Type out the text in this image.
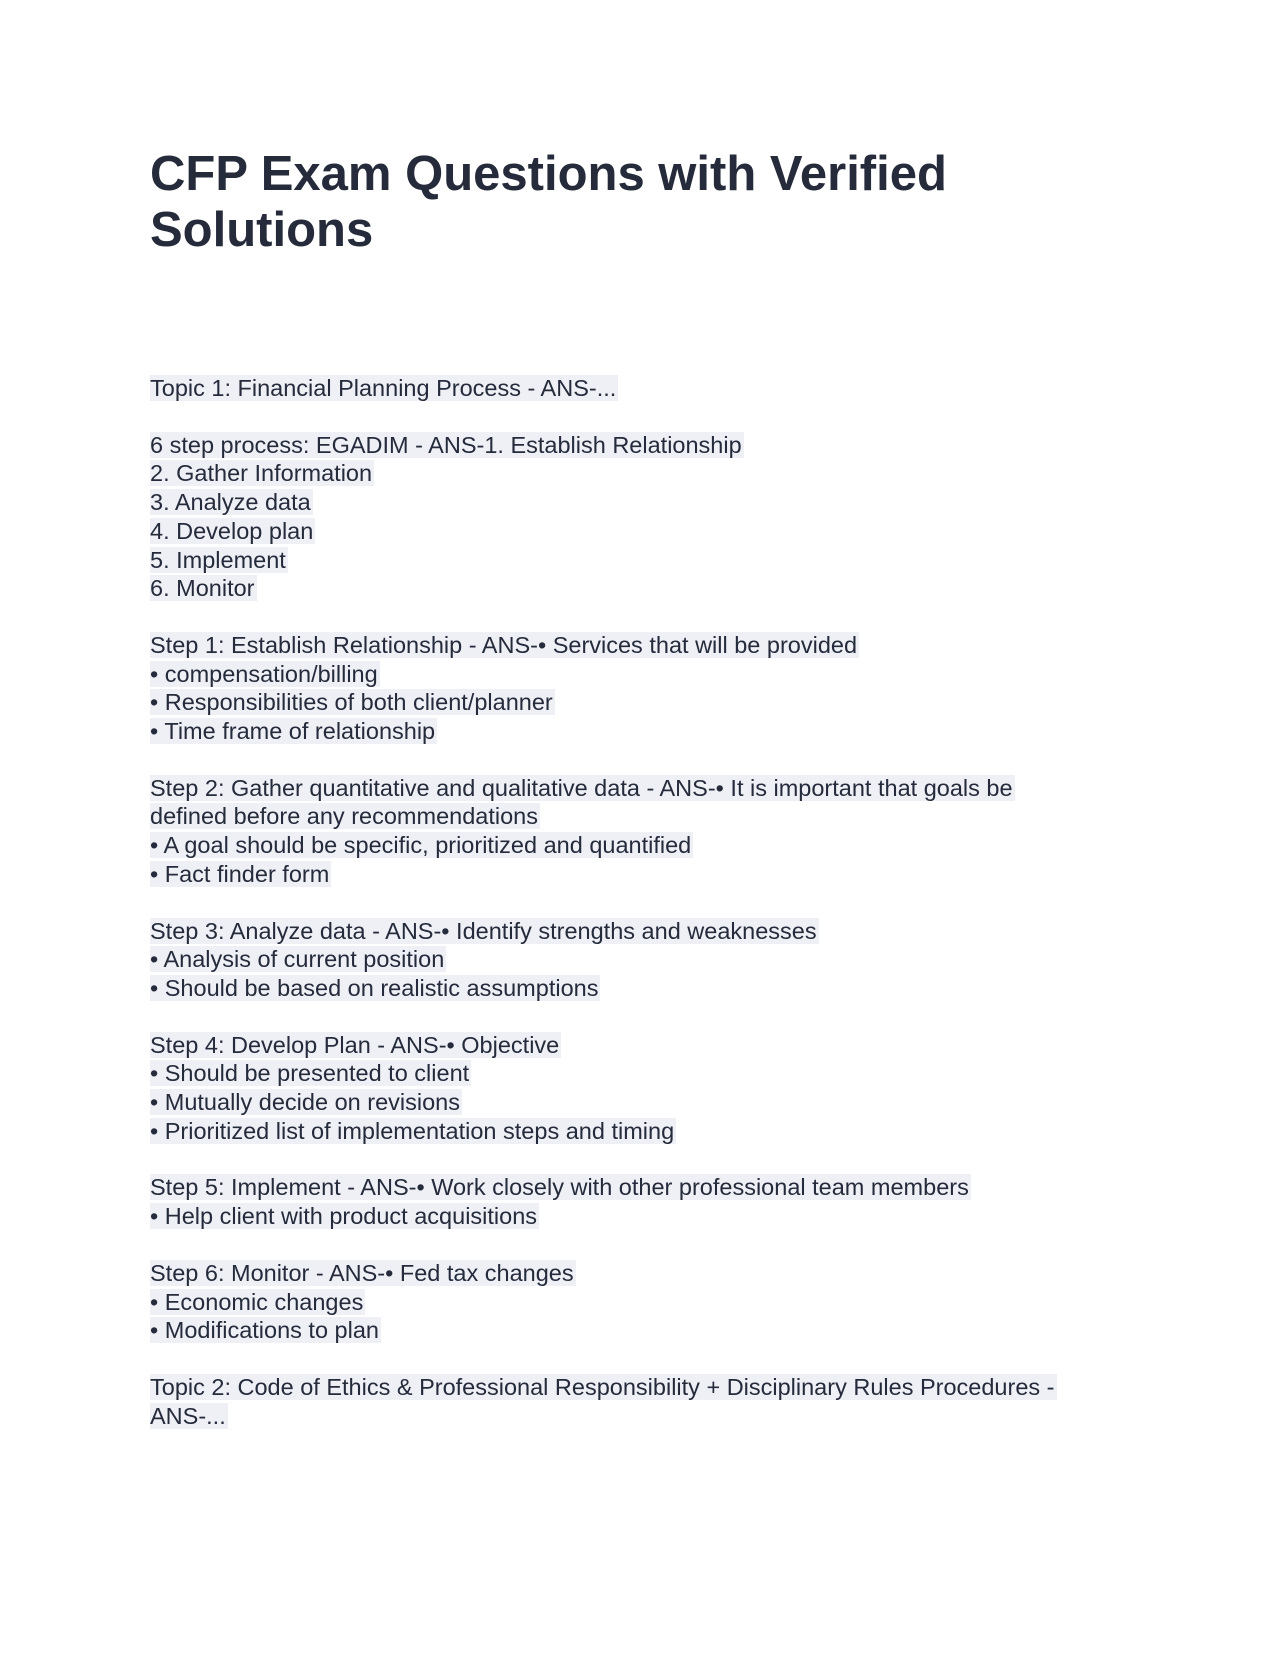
CFP Exam Questions with Verified Solutions
Topic 1: Financial Planning Process - ANS-...
6 step process: EGADIM - ANS-1. Establish Relationship
2. Gather Information
3. Analyze data
4. Develop plan
5. Implement
6. Monitor
Step 1: Establish Relationship - ANS-• Services that will be provided
• compensation/billing
• Responsibilities of both client/planner
• Time frame of relationship
Step 2: Gather quantitative and qualitative data - ANS-• It is important that goals be
defined before any recommendations
• A goal should be specific, prioritized and quantified
• Fact finder form
Step 3: Analyze data - ANS-• Identify strengths and weaknesses
• Analysis of current position
• Should be based on realistic assumptions
Step 4: Develop Plan - ANS-• Objective
• Should be presented to client
• Mutually decide on revisions
• Prioritized list of implementation steps and timing
Step 5: Implement - ANS-• Work closely with other professional team members
• Help client with product acquisitions
Step 6: Monitor - ANS-• Fed tax changes
• Economic changes
• Modifications to plan
Topic 2: Code of Ethics & Professional Responsibility + Disciplinary Rules Procedures -
ANS-...
